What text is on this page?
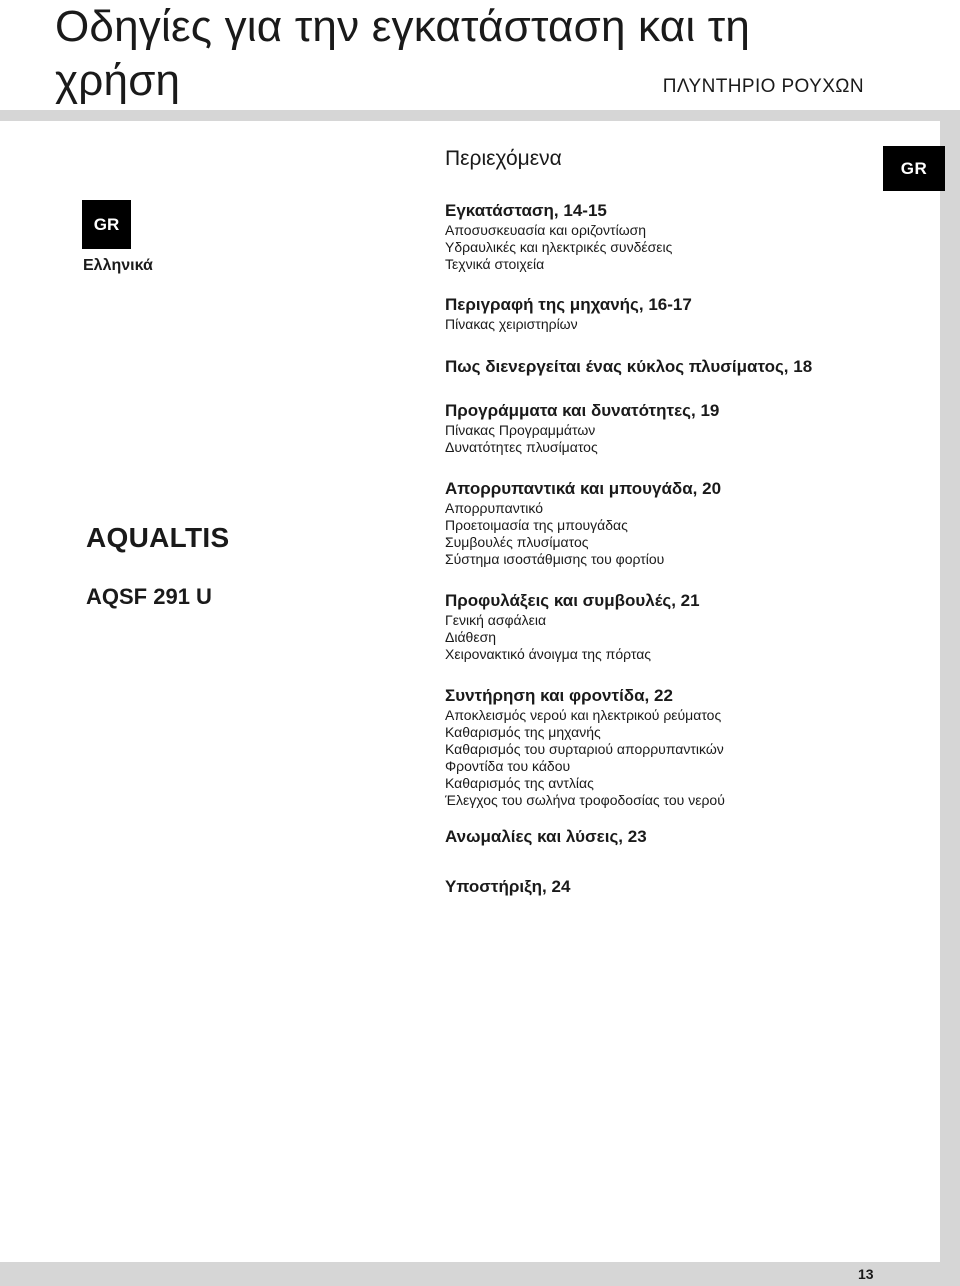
Οδηγίες για την εγκατάσταση και τη
χρήση	ΠΛΥΝΤΗΡΙΟ ΡΟΥΧΩΝ
GR
GR
Ελληνικά
AQUALTIS
AQSF 291 U
Περιεχόμενα
Εγκατάσταση, 14-15
Αποσυσκευασία και οριζοντίωση
Υδραυλικές και ηλεκτρικές συνδέσεις
Τεχνικά στοιχεία
Περιγραφή της μηχανής, 16-17
Πίνακας χειριστηρίων
Πως διενεργείται ένας κύκλος πλυσίματος, 18
Προγράμματα και δυνατότητες, 19
Πίνακας Προγραμμάτων
Δυνατότητες πλυσίματος
Απορρυπαντικά και μπουγάδα, 20
Απορρυπαντικό
Προετοιμασία της μπουγάδας
Συμβουλές πλυσίματος
Σύστημα ισοστάθμισης του φορτίου
Προφυλάξεις και συμβουλές, 21
Γενική ασφάλεια
Διάθεση
Χειρονακτικό άνοιγμα της πόρτας
Συντήρηση και φροντίδα, 22
Αποκλεισμός νερού και ηλεκτρικού ρεύματος
Καθαρισμός της μηχανής
Καθαρισμός του συρταριού απορρυπαντικών
Φροντίδα του κάδου
Καθαρισμός της αντλίας
Έλεγχος του σωλήνα τροφοδοσίας του νερού
Ανωμαλίες και λύσεις, 23
Υποστήριξη, 24
13
